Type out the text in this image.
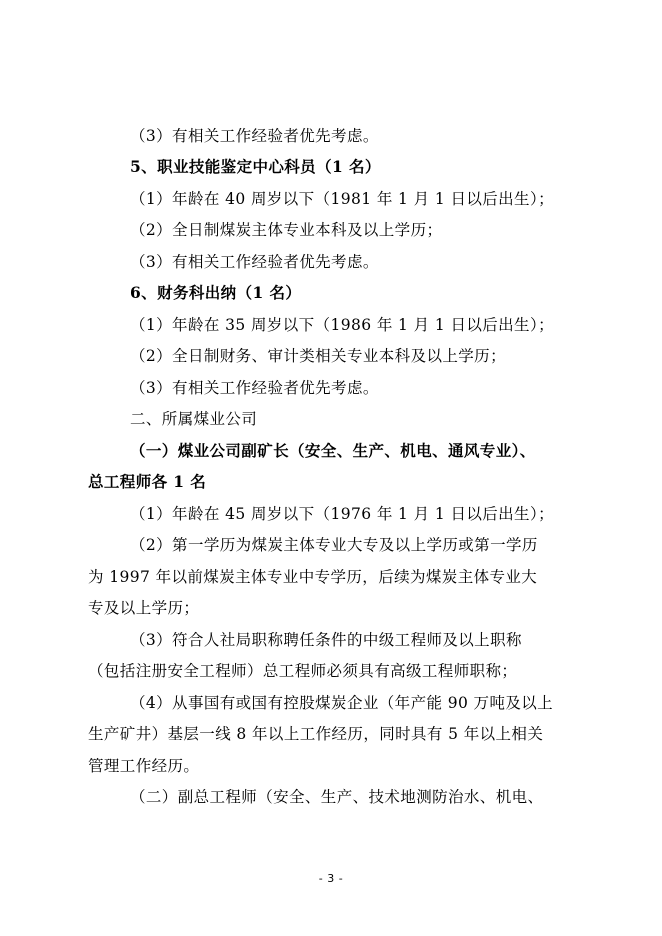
（3）有相关工作经验者优先考虑。
5、职业技能鉴定中心科员（1 名）
（1）年龄在 40 周岁以下（1981 年 1 月 1 日以后出生）；
（2）全日制煤炭主体专业本科及以上学历；
（3）有相关工作经验者优先考虑。
6、财务科出纳（1 名）
（1）年龄在 35 周岁以下（1986 年 1 月 1 日以后出生）；
（2）全日制财务、审计类相关专业本科及以上学历；
（3）有相关工作经验者优先考虑。
二、所属煤业公司
（一）煤业公司副矿长（安全、生产、机电、通风专业）、
总工程师各 1 名
（1）年龄在 45 周岁以下（1976 年 1 月 1 日以后出生）；
（2）第一学历为煤炭主体专业大专及以上学历或第一学历
为 1997 年以前煤炭主体专业中专学历，后续为煤炭主体专业大
专及以上学历；
（3）符合人社局职称聘任条件的中级工程师及以上职称
（包括注册安全工程师）总工程师必须具有高级工程师职称；
（4）从事国有或国有控股煤炭企业（年产能 90 万吨及以上
生产矿井）基层一线 8 年以上工作经历，同时具有 5 年以上相关
管理工作经历。
（二）副总工程师（安全、生产、技术地测防治水、机电、
- 3 -
